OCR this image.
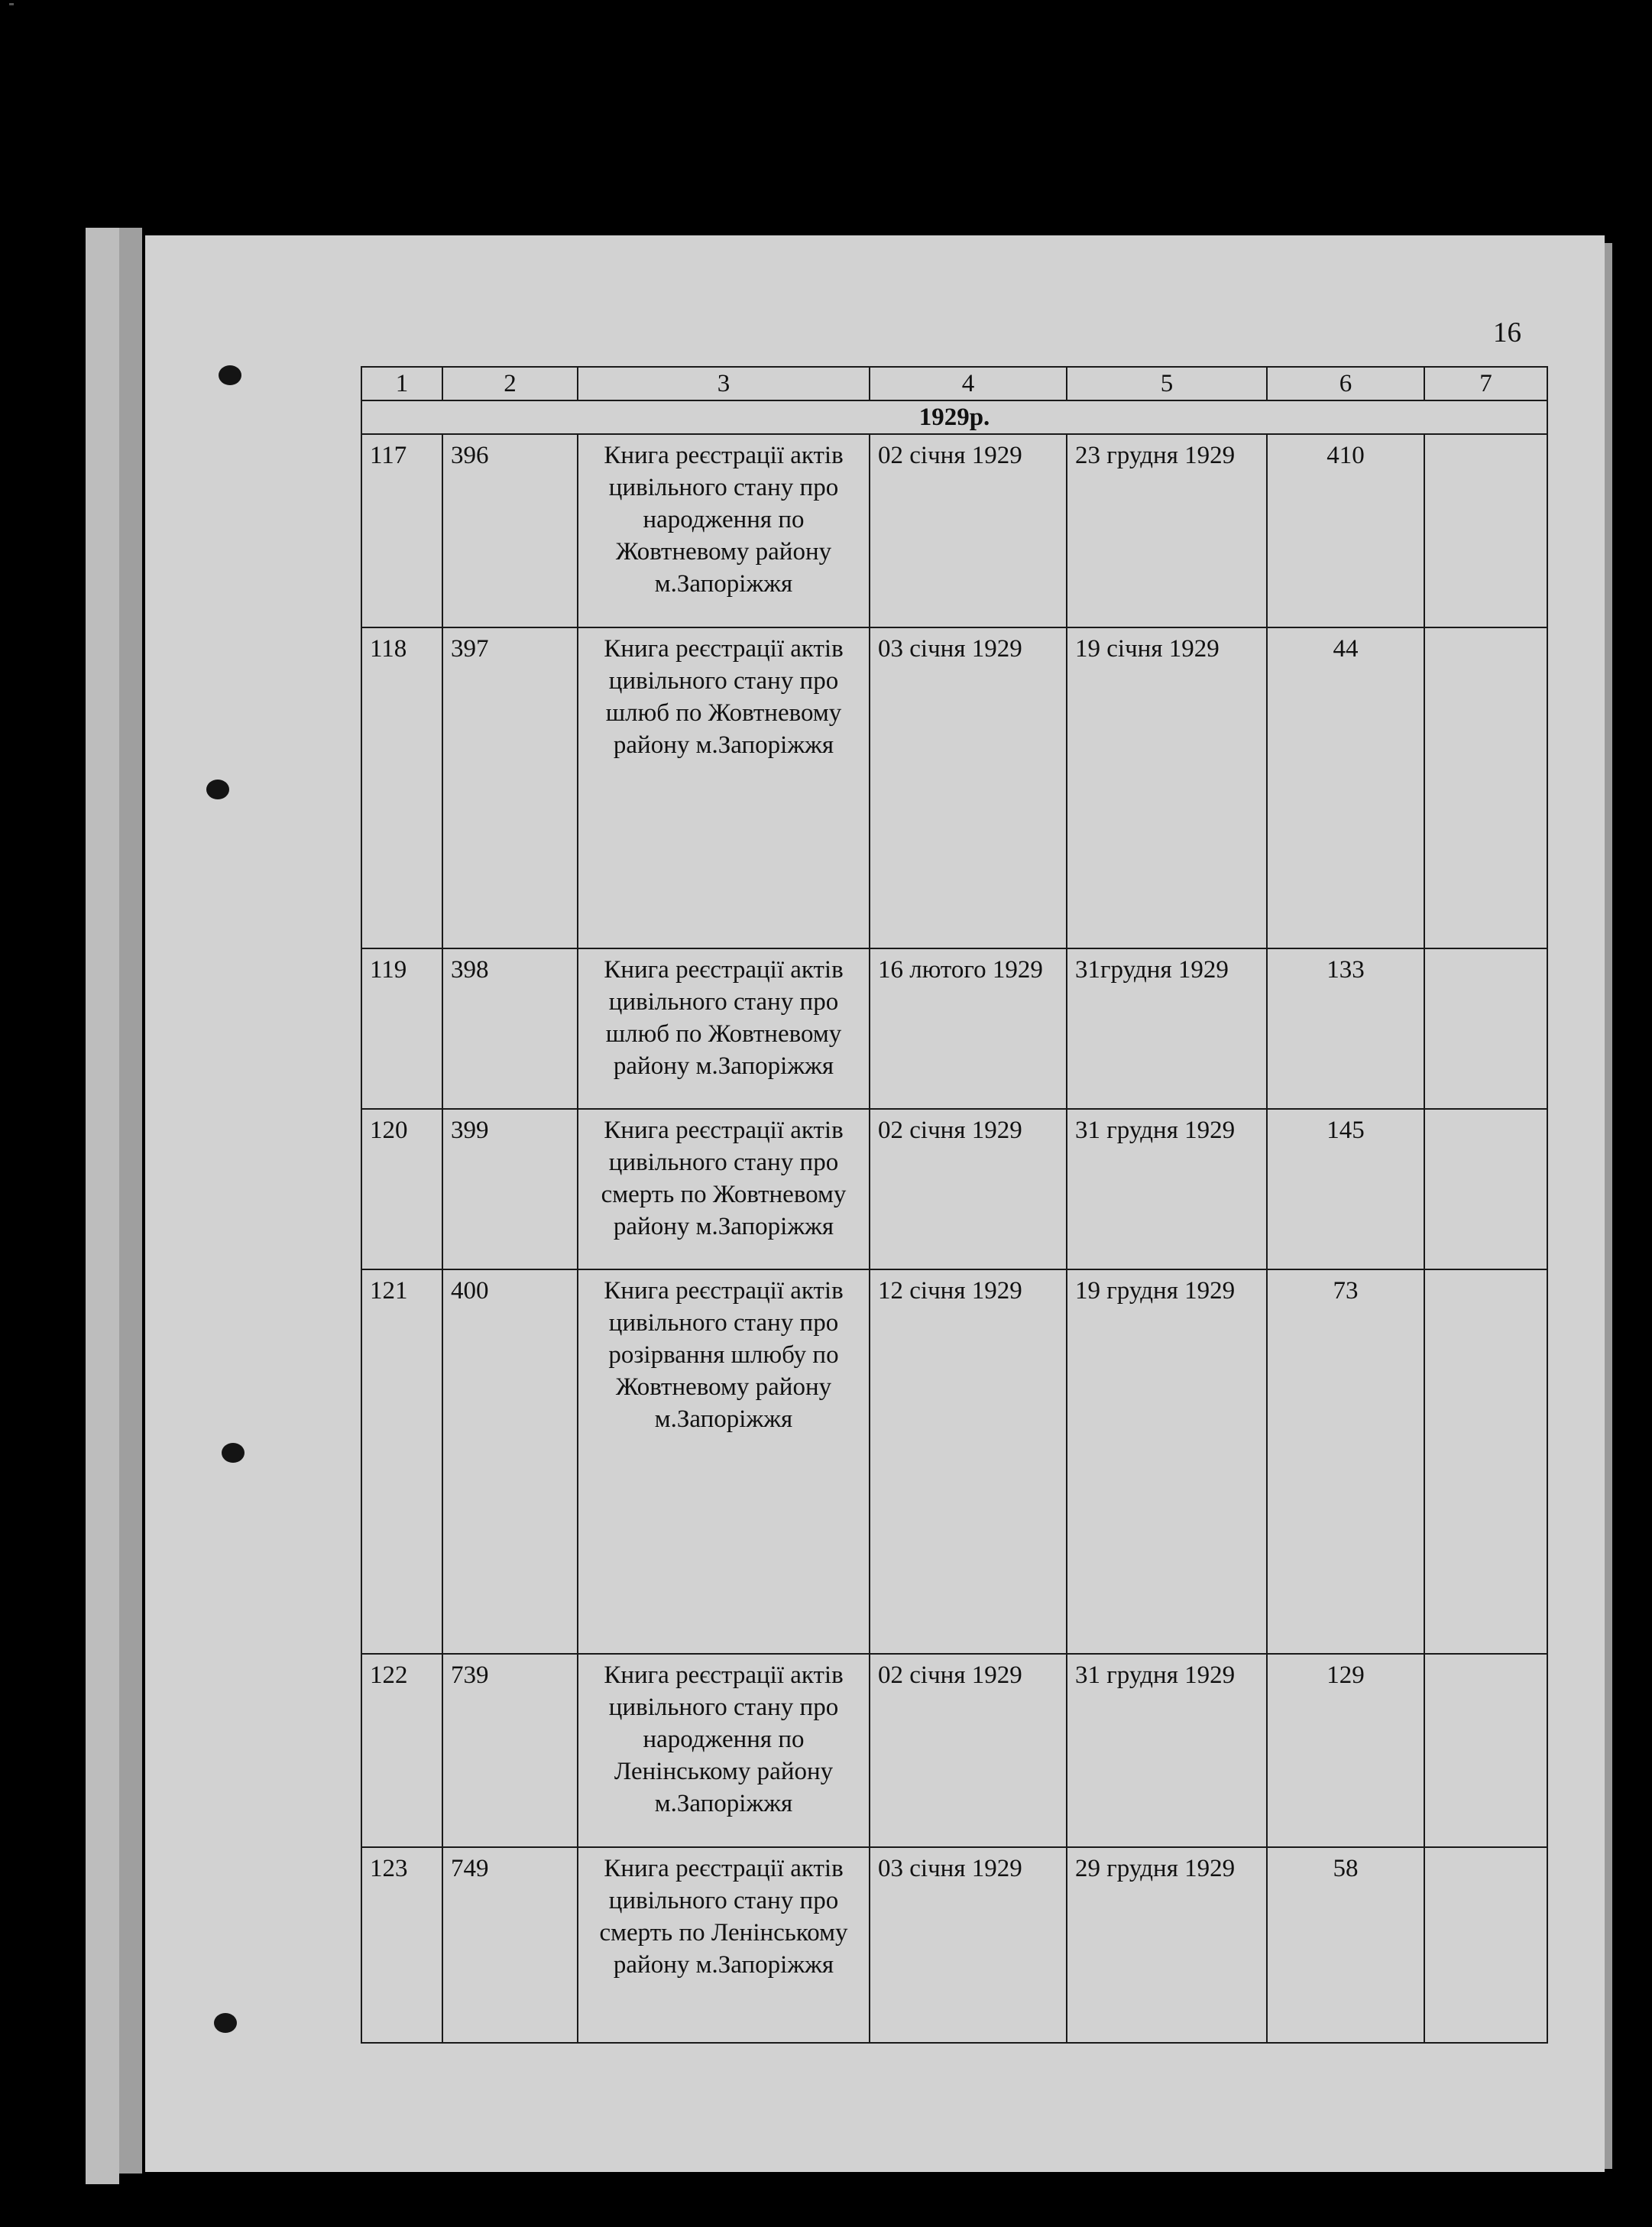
16
1	2	3	4	5	6	7
1929р.						
117	396	Книга реєстрації актів цивільного стану про народження по Жовтневому району м.Запоріжжя	02 січня 1929	23 грудня 1929	410	
118	397	Книга реєстрації актів цивільного стану про шлюб по Жовтневому району м.Запоріжжя	03 січня 1929	19 січня 1929	44	
119	398	Книга реєстрації актів цивільного стану про шлюб по Жовтневому району м.Запоріжжя	16 лютого 1929	31грудня 1929	133	
120	399	Книга реєстрації актів цивільного стану про смерть по Жовтневому району м.Запоріжжя	02 січня 1929	31 грудня 1929	145	
121	400	Книга реєстрації актів цивільного стану про розірвання шлюбу по Жовтневому району м.Запоріжжя	12 січня 1929	19 грудня 1929	73	
122	739	Книга реєстрації актів цивільного стану про народження по Ленінському району м.Запоріжжя	02 січня 1929	31 грудня 1929	129	
123	749	Книга реєстрації актів цивільного стану про смерть по Ленінському району м.Запоріжжя	03 січня 1929	29 грудня 1929	58	
